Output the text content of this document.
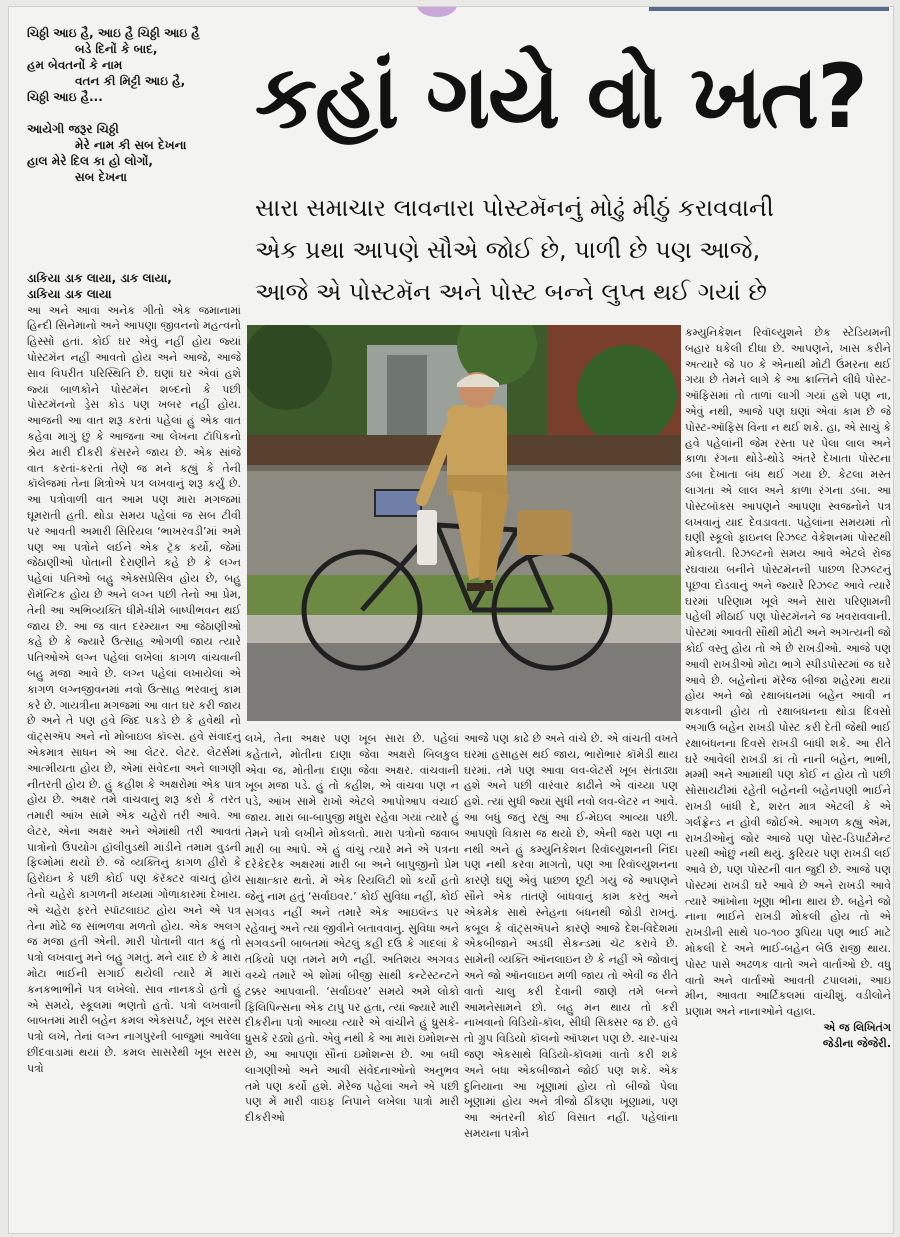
ચિઠ્ઠી આઇ હૈ, આઇ હૈ ચિઠ્ઠી આઇ હૈ
બડે દિનોં કે બાદ,
હમ બેવતનોં કે નામ
વતન કી મિટ્ટી આઇ હૈ,
ચિઠ્ઠી આઇ હૈ...
આયેગી જરૂર ચિઠ્ઠી
મેરે નામ કી સબ દેખના
હાલ મેરે દિલ કા હો લોગોં,
સબ દેખના
કહાં ગયે વો ખત?
સારા સમાચાર લાવનારા પોસ્ટમૅનનું મોઢું મીઠું કરાવવાની
એક પ્રથા આપણે સૌએ જોઈ છે, પાળી છે પણ આજે,
આજે એ પોસ્ટમૅન અને પોસ્ટ બન્ને લુપ્ત થઈ ગયાં છે

ડાકિયા ડાક લાયા, ડાક લાયા,

ડાકિયા ડાક લાયા

આ અને આવાં અનેક ગીતો એક જમાનામાં હિન્દી સિનેમાનો અને આપણા જીવનનો મહત્વનો હિસ્સો હતાં. કોઈ ઘર એવું નહીં હોય જ્યાં પોસ્ટમૅન નહીં આવતો હોય અને આજે, આજે સાવ વિપરીત પરિસ્થિતિ છે. ઘણાં ઘર એવાં હશે જ્યાં બાળકોને પોસ્ટમૅન શબ્દનો કે પછી પોસ્ટમૅનનો ડ્રેસ કોડ પણ ખબર નહીં હોય. આજની આ વાત શરૂ કરતાં પહેલાં હું એક વાત કહેવા માગું છું કે આજના આ લેખના ટૉપિકનો શ્રેય મારી દીકરી કૅસરને જાય છે. એક સાંજે વાત કરતાં-કરતાં તેણે જ મને કહ્યું કે તેની કૉલેજમાં તેના મિત્રોએ પત્ર લખવાનું શરૂ કર્યું છે. આ પત્રોવાળી વાત આમ પણ મારા મગજમાં ઘૂમરાતી હતી. થોડા સમય પહેલાં જ સબ ટીવી પર આવતી અમારી સિરિયલ ‘ભાખરવડી’માં અમે પણ આ પત્રોને લઈને એક ટ્રૅક કર્યો, જેમાં જેઠાણીઓ પોતાની દેરાણીને કહે છે કે લગ્ન પહેલાં પતિઓ બહુ એક્સપ્રેસિવ હોય છે, બહુ રોમૅન્ટિક હોય છે અને લગ્ન પછી તેનો આ પ્રેમ, તેની આ અભિવ્યક્તિ ધીમે-ધીમે બાષ્પીભવન થઈ જાય છે. આ જ વાત દરમ્યાન આ જેઠાણીઓ કહે છે કે જ્યારે ઉત્સાહ ઓગળી જાય ત્યારે પતિઓએ લગ્ન પહેલાં લખેલાં કાગળ વાંચવાની બહુ મજા આવે છે. લગ્ન પહેલાં લખાયેલાં એ કાગળ લગ્નજીવનમાં નવો ઉત્સાહ ભરવાનું કામ કરે છે. ગાયત્રીના મગજમાં આ વાત ઘર કરી જાય છે અને તે પણ હવે જિદ પકડે છે કે હવેથી નો વૉટ્સઍપ અને નો મોબાઇલ કૉલ્સ. હવે સંવાદનું એકમાત્ર સાધન એ આ લેટર. લેટર. લેટર્સમાં આત્મીયતા હોય છે, એમાં સંવેદના અને લાગણી નીતરતી હોય છે. હું કહીશ કે અક્ષરોમાં એક પાત્ર હોય છે. અક્ષર તમે વાંચવાનું શરૂ કરો કે તરત તમારી આંખ સામે એક ચહેરો તરી આવે. આ લેટર, એના અક્ષર અને એમાંથી તરી આવતાં પાત્રોનો ઉપયોગ હૉલીવુડથી માંડીને તમામ વુડની ફિલ્મોમાં થયો છે. જે વ્યક્તિનું કાગળ હીરો કે હિરોઇન કે પછી કોઈ પણ કૅરૅક્ટર વાંચતું હોય તેનો ચહેરો કાગળની મધ્યમાં ગોળાકારમાં દેખાય. એ ચહેરા ફરતે સ્પૉટલાઇટ હોય અને એ પત્ર તેના મોઢે જ સાંભળવા મળતો હોય. એક અલગ જ મજા હતી એની. મારી પોતાની વાત કહું તો પત્રો લખવાનું મને બહુ ગમતું. મને યાદ છે કે મારા મોટા ભાઈની સગાઈ થયેલી ત્યારે મેં મારાં કનકભાભીને પત્ર લખેલો. સાવ નાનકડો હતો હું એ સમયે, સ્કૂલમાં ભણતો હતો. પત્રો લખવાની બાબતમાં મારી બહેન કમલ એક્સપર્ટ, ખૂબ સરસ પત્રો લખે, તેનાં લગ્ન નાગપુરની બાજુમાં આવેલા છીંદવાડામાં થયાં છે. કમલ સાસરેથી ખૂબ સરસ પત્રો

લખે, તેના અક્ષર પણ ખૂબ સારા છે. પહેલાં કહેતાને, મોતીના દાણા જેવા અક્ષરો બિલકુલ એવા જ, મોતીના દાણા જેવા અક્ષર. વાંચવાની ખૂબ મજા પડે. હું તો કહીશ, એ વાંચવા પણ ન પડે, આંખ સામે રાખો એટલે આપોઆપ વંચાઈ જાય. મારાં બા-બાપુજી મધુરા રહેવા ગયાં ત્યારે હું તેમને પત્રો લખીને મોકલતો. મારા પત્રોનો જવાબ મારી બા આપે. એ હું વાંચું ત્યારે મને એ પત્રના દરેકેદરેક અક્ષરમાં મારી બા અને બાપુજીનો પ્રેમ સાક્ષાત્કાર થતો. મેં એક રિયલિટી શો કર્યો હતો જેનું નામ હતું ‘સર્વાઇવર.’ કોઈ સુવિધા નહીં, કોઈ સગવડ નહીં અને તમારે એક આઇલૅન્ડ પર રહેવાનું અને ત્યાં જીવીને બતાવવાનું. સુવિધા અને સગવડની બાબતમાં એટલું કહી દઉં કે ગાદલાં કે તકિયો પણ તમને મળે નહીં. અતિશય અગવડ વચ્ચે તમારે એ શોમાં બીજી સાથી કન્ટેસ્ટન્ટને ટક્કર આપવાની. ‘સર્વાઇવર’ સમયે અમે લોકો ફિલિપિન્સના એક ટાપુ પર હતા, ત્યાં જ્યારે મારી દીકરીના પત્રો આવ્યા ત્યારે એ વાંચીને હું ધ્રુસકે-ધ્રુસકે રડ્યો હતો. એવું નથી કે આ મારાં ઇમોશન્સ છે, આ આપણાં સૌનાં ઇમોશન્સ છે. આ બધી લાગણીઓ અને આવી સંવેદનાઓનો અનુભવ તમે પણ કર્યો હશે. મેરેજ પહેલાં અને એ પછી પણ મેં મારી વાઇફ નિપાને લખેલા પાત્રો મારી દીકરીઓ

આજે પણ કાઢે છે અને વાંચે છે. એ વાંચતી વખતે ઘરમાં હસાહસ થઈ જાય, ભારોભાર કૉમેડી થાય ઘરમાં. તમે પણ આવા લવ-લેટર્સ ખૂબ સંતાડ્યા હશે અને પછી વારંવાર કાઢીને એ વાંચ્યા પણ હશે. ત્યાં સુધી જ્યાં સુધી નવો લવ-લેટર ન આવે. આ બધું જતું રહ્યું આ ઈ-મેઇલ આવ્યા પછી. આપણો વિકાસ જ થયો છે, એની જરા પણ ના નથી અને હું કમ્યુનિકેશન રિવૉલ્યુશનની નિંદા પણ નથી કરવા માગતો, પણ આ રિવૉલ્યુશનના કારણે ઘણું એવું પાછળ છૂટી ગયું જે આપણને સૌને એક તાંતણે બાંધવાનું કામ કરતું અને એકમેક સાથે સ્નેહના બંધનથી જોડી રાખતું. કબૂલ કે વૉટ્સઍપને કારણે આજે દેશ-વિદેશમાં એકબીજાને અડધી સેકન્ડમાં ચૅટ કરાવે છે. સામેની વ્યક્તિ ઑનલાઇન છે કે નહીં એ જોવાનું અને જો ઑનલાઇન મળી જાય તો એવી જ રીતે વાતો ચાલુ કરી દેવાની જાણે તમે બન્ને આમનેસામને છો. બહુ મન થાય તો કરી નાખવાનો વિડિયો-કૉલ, સીધી સિક્સર જ છે. હવે તો ગ્રુપ વિડિયો કૉલનો ઑપ્શન પણ છે. ચાર-પાંચ જણ એકસાથે વિડિયો-કૉલમાં વાતો કરી શકે અને બધા એકબીજાને જોઈ પણ શકે. એક દુનિયાના આ ખૂણામાં હોય તો બીજો પેલા ખૂણામાં હોય અને ત્રીજો ઠીંકણા ખૂણામાં, પણ આ અંતરની કોઈ વિસાત નહીં. પહેલાંના સમયના પત્રોને

કમ્યુનિકેશન રિવૉલ્યુશને છેક સ્ટેડિયમની બહાર ધકેલી દીધા છે. આપણને, ખાસ કરીને અત્યારે જે ૫૦ કે એનાથી મોટી ઉંમરના થઈ ગયા છે તેમને લાગે કે આ ક્રાન્તિને લીધે પોસ્ટ-ઑફિસમાં તો તાળાં લાગી ગયાં હશે પણ ના, એવું નથી, આજે પણ ઘણાં એવાં કામ છે જે પોસ્ટ-ઑફિસ વિના ન થઈ શકે. હા, એ સાચું કે હવે પહેલાંની જેમ રસ્તા પર પેલા લાલ અને કાળા રંગના થોડે-થોડે અંતરે દેખાતા પોસ્ટના ડબા દેખાતા બંધ થઈ ગયા છે. કેટલા મસ્ત લાગતા એ લાલ અને કાળા રંગના ડબા. આ પોસ્ટબૉક્સ આપણને આપણા સ્વજનોને પત્ર લખવાનું યાદ દેવડાવતા. પહેલાંના સમયમાં તો ઘણી સ્કૂલો ફાઇનલ રિઝલ્ટ વેકેશનમાં પોસ્ટથી મોકલતી. રિઝલ્ટનો સમય આવે એટલે રોજ રઘવાયા બનીને પોસ્ટમૅનની પાછળ રિઝલ્ટનું પૂછવા દોડવાનું અને જ્યારે રિઝલ્ટ આવે ત્યારે ઘરમાં પરિણામ ખૂલે અને સારા પરિણામની પહેલી મીઠાઈ પણ પોસ્ટમૅનને જ ખવરાવવાની. પોસ્ટમાં આવતી સૌથી મોટી અને અગત્યની જો કોઈ વસ્તુ હોય તો એ છે રાખડીઓ. આજે પણ આવી રાખડીઓ મોટા ભાગે સ્પીડપોસ્ટમાં જ ઘરે આવે છે. બહેનોનાં મૅરેજ બીજા શહેરમાં થયાં હોય અને જો રક્ષાબંધનમાં બહેન આવી ન શકવાની હોય તો રક્ષાબંધનના થોડા દિવસો અગાઉ બહેન રાખડી પોસ્ટ કરી દેતી જેથી ભાઈ રક્ષાબંધનના દિવસે રાખડી બાંધી શકે. આ રીતે ઘરે આવેલી રાખડી કાં તો નાની બહેન, ભાભી, મમ્મી અને આમાંથી પણ કોઈ ન હોય તો પછી સોસાયટીમાં રહેતી બહેનની બહેનપણી ભાઈને રાખડી બાંધી દે, શરત માત્ર એટલી કે એ ગર્લફ્રેન્ડ ન હોવી જોઈએ. આગળ કહ્યું એમ, રાખડીઓનું જોર આજે પણ પોસ્ટ-ડિપાર્ટમેન્ટ પરથી ઓછું નથી થયું. કુરિયર પણ રાખડી લઈ આવે છે, પણ પોસ્ટની વાત જુદી છે. આજે પણ પોસ્ટમાં રાખડી ઘરે આવે છે અને રાખડી આવે ત્યારે આંખોના ખૂણા ભીના થાય છે. બહેને જો નાના ભાઈને રાખડી મોકલી હોય તો એ રાખડીની સાથે ૫૦-૧૦૦ રૂપિયા પણ ભાઈ માટે મોકલી દે અને ભાઈ-બહેન બેઉ રાજી થાય. પોસ્ટ પાસે અઢળક વાતો અને વાર્તાઓ છે. વધુ વાતો અને વાર્તાઓ આવતી ટપાલમાં, આઇ મીન, આવતા આર્ટિકલમાં વાંચીશું. વડીલોને પ્રણામ અને નાનાઓને વહાલ.

એ જ લિખિતંગ

જેડીના જેજેરી.
